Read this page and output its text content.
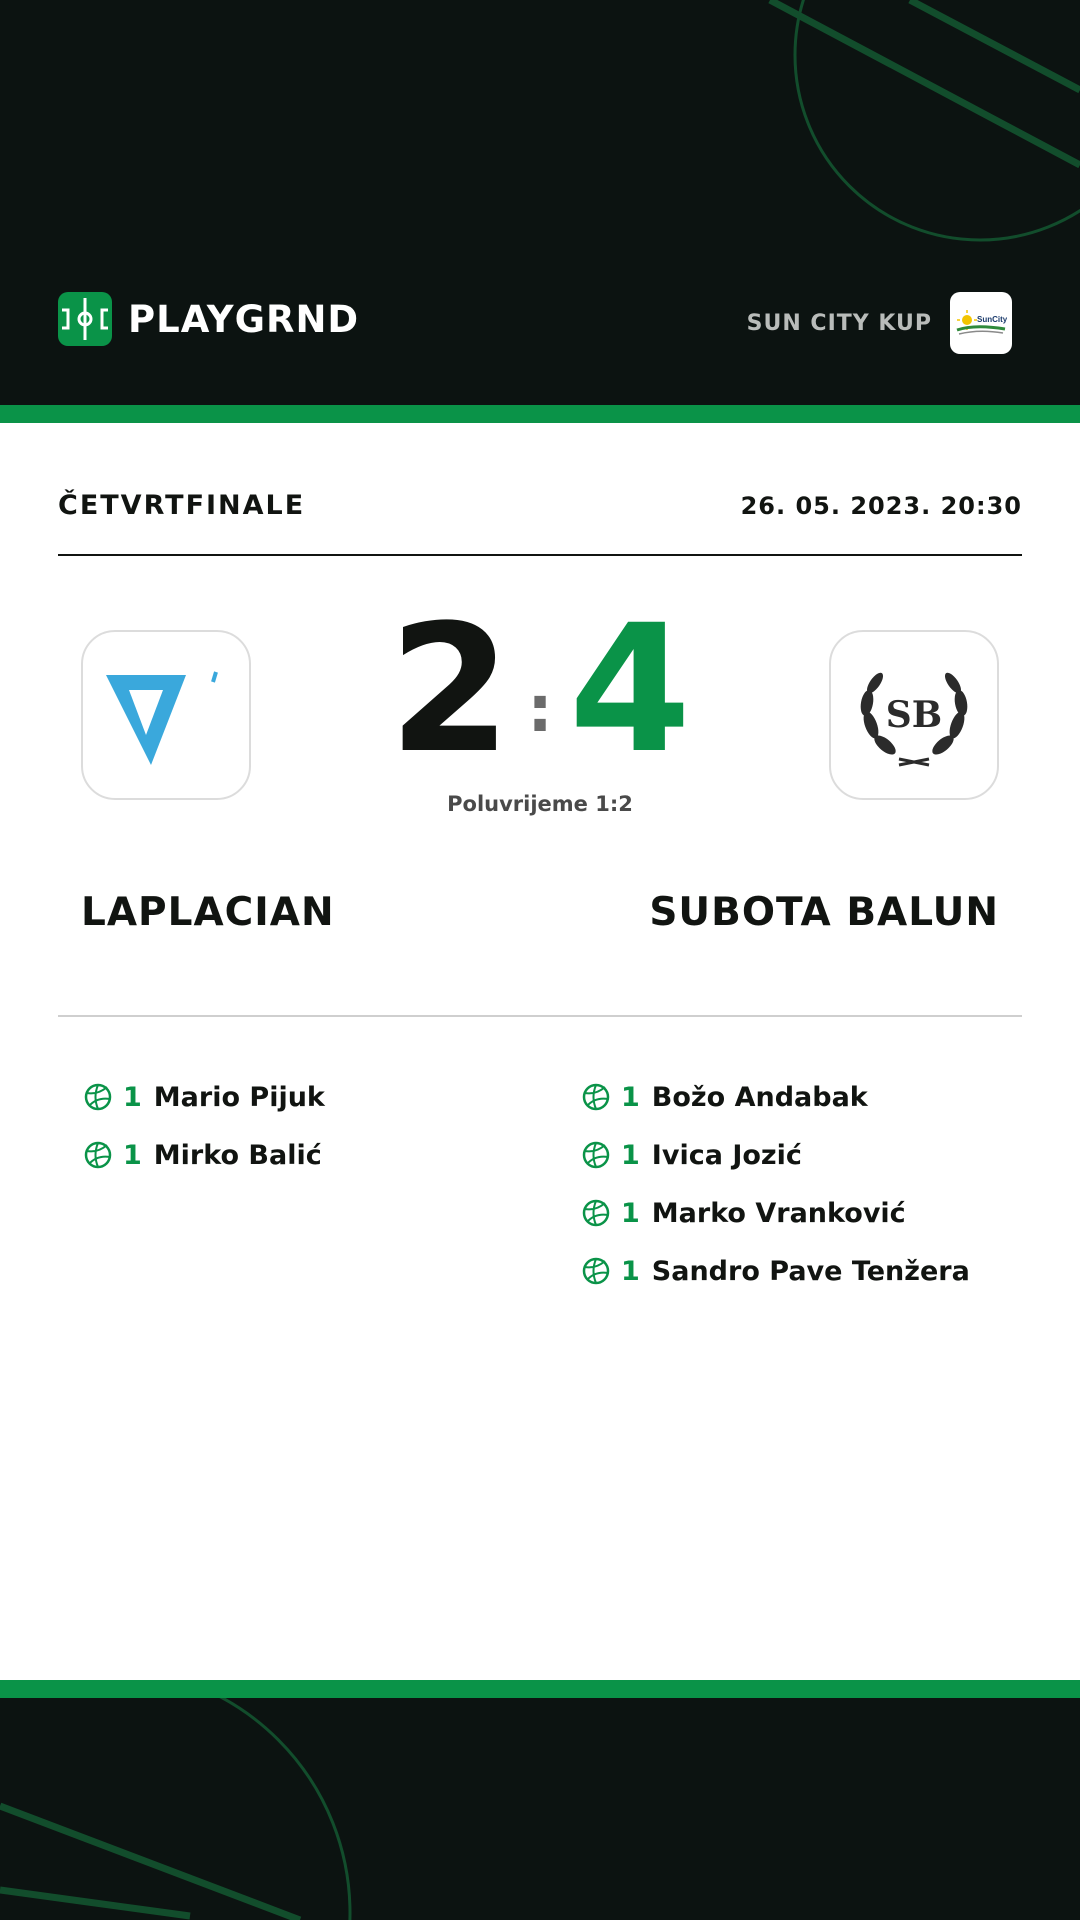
PLAYGRND	SUN CITY KUP	SunCity
ČETVRTFINALE	26. 05. 2023. 20:30
2 : 4
Poluvrijeme 1:2
SB
LAPLACIAN	SUBOTA BALUN
1 Mario Pijuk
1 Mirko Balić
1 Božo Andabak
1 Ivica Jozić
1 Marko Vranković
1 Sandro Pave Tenžera
